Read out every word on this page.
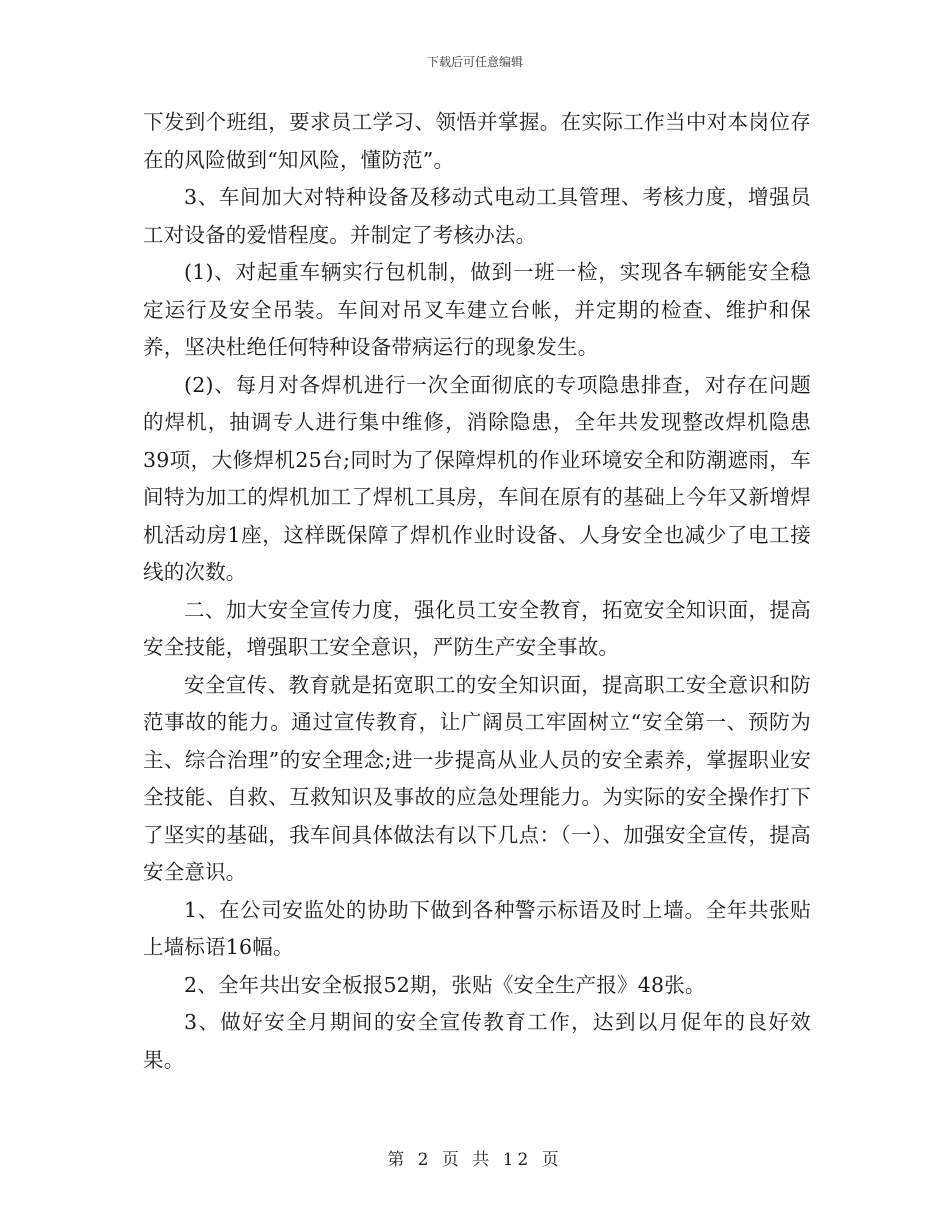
下载后可任意编辑

下发到个班组，要求员工学习、领悟并掌握。在实际工作当中对本岗位存在的风险做到“知风险，懂防范”。

3、车间加大对特种设备及移动式电动工具管理、考核力度，增强员工对设备的爱惜程度。并制定了考核办法。

(1)、对起重车辆实行包机制，做到一班一检，实现各车辆能安全稳定运行及安全吊装。车间对吊叉车建立台帐，并定期的检查、维护和保养，坚决杜绝任何特种设备带病运行的现象发生。

(2)、每月对各焊机进行一次全面彻底的专项隐患排查，对存在问题的焊机，抽调专人进行集中维修，消除隐患，全年共发现整改焊机隐患39项，大修焊机25台;同时为了保障焊机的作业环境安全和防潮遮雨，车间特为加工的焊机加工了焊机工具房，车间在原有的基础上今年又新增焊机活动房1座，这样既保障了焊机作业时设备、人身安全也减少了电工接线的次数。

二、加大安全宣传力度，强化员工安全教育，拓宽安全知识面，提高安全技能，增强职工安全意识，严防生产安全事故。

安全宣传、教育就是拓宽职工的安全知识面，提高职工安全意识和防范事故的能力。通过宣传教育，让广阔员工牢固树立“安全第一、预防为主、综合治理”的安全理念;进一步提高从业人员的安全素养，掌握职业安全技能、自救、互救知识及事故的应急处理能力。为实际的安全操作打下了坚实的基础，我车间具体做法有以下几点：（一）、加强安全宣传，提高安全意识。

1、在公司安监处的协助下做到各种警示标语及时上墙。全年共张贴上墙标语16幅。

2、全年共出安全板报52期，张贴《安全生产报》48张。

3、做好安全月期间的安全宣传教育工作，达到以月促年的良好效果。

第 2 页 共 12 页
